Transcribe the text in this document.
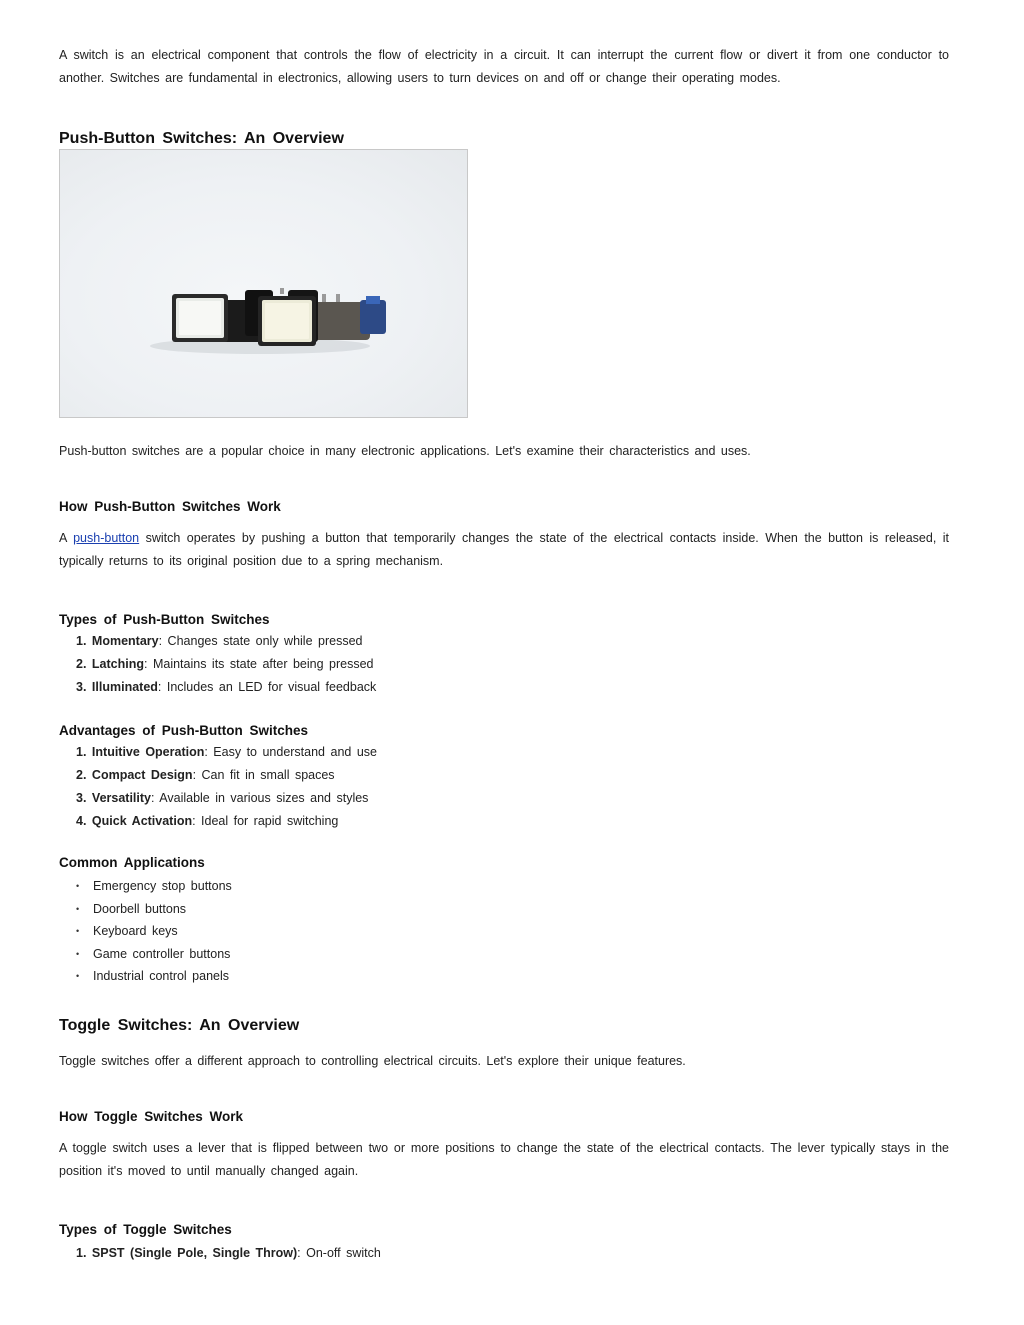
A switch is an electrical component that controls the flow of electricity in a circuit. It can interrupt the current flow or divert it from one conductor to another. Switches are fundamental in electronics, allowing users to turn devices on and off or change their operating modes.

Push-Button Switches: An Overview

Push-button switches are a popular choice in many electronic applications. Let's examine their characteristics and uses.

How Push-Button Switches Work

A push-button switch operates by pushing a button that temporarily changes the state of the electrical contacts inside. When the button is released, it typically returns to its original position due to a spring mechanism.

Types of Push-Button Switches
1. Momentary: Changes state only while pressed
2. Latching: Maintains its state after being pressed
3. Illuminated: Includes an LED for visual feedback
Advantages of Push-Button Switches
1. Intuitive Operation: Easy to understand and use
2. Compact Design: Can fit in small spaces
3. Versatility: Available in various sizes and styles
4. Quick Activation: Ideal for rapid switching
Common Applications
•	Emergency stop buttons
•	Doorbell buttons
•	Keyboard keys
•	Game controller buttons
•	Industrial control panels
Toggle Switches: An Overview

Toggle switches offer a different approach to controlling electrical circuits. Let's explore their unique features.

How Toggle Switches Work

A toggle switch uses a lever that is flipped between two or more positions to change the state of the electrical contacts. The lever typically stays in the position it's moved to until manually changed again.

Types of Toggle Switches
1. SPST (Single Pole, Single Throw): On-off switch
